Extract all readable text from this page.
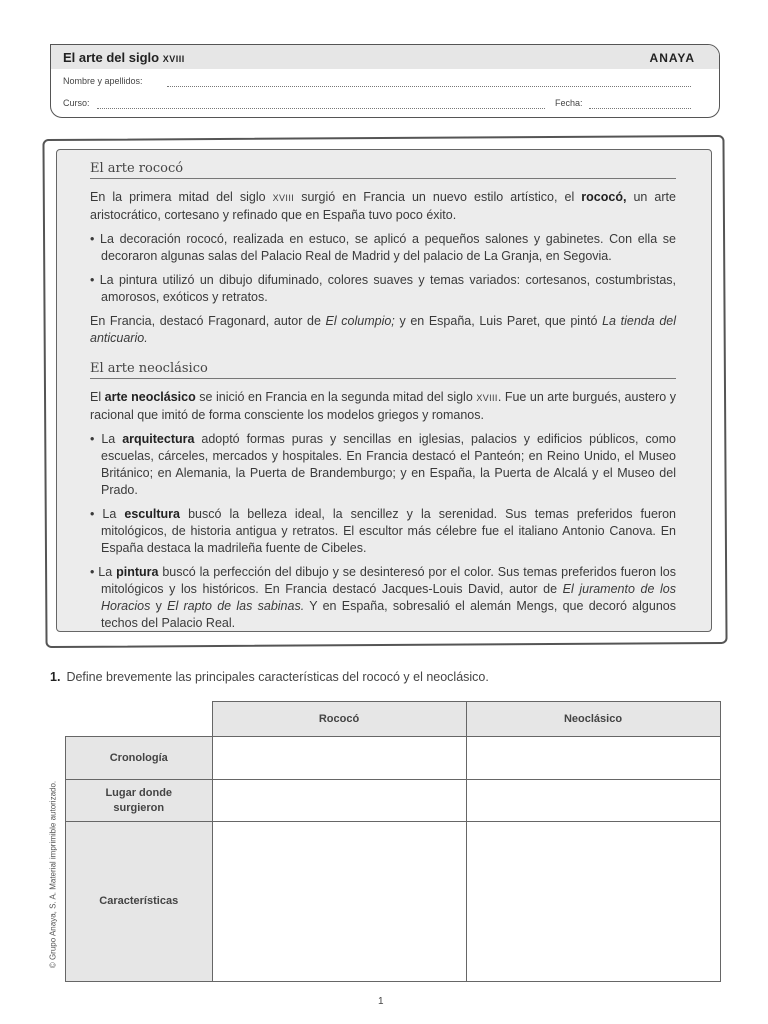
El arte del siglo XVIII	ANAYA
Nombre y apellidos:
Curso:	Fecha:
El arte rococó

En la primera mitad del siglo XVIII surgió en Francia un nuevo estilo artístico, el rococó, un arte aristocrático, cortesano y refinado que en España tuvo poco éxito.

• La decoración rococó, realizada en estuco, se aplicó a pequeños salones y gabinetes. Con ella se decoraron algunas salas del Palacio Real de Madrid y del palacio de La Granja, en Segovia.

• La pintura utilizó un dibujo difuminado, colores suaves y temas variados: cortesanos, costumbristas, amorosos, exóticos y retratos.

En Francia, destacó Fragonard, autor de El columpio; y en España, Luis Paret, que pintó La tienda del anticuario.

El arte neoclásico

El arte neoclásico se inició en Francia en la segunda mitad del siglo XVIII. Fue un arte burgués, austero y racional que imitó de forma consciente los modelos griegos y romanos.

• La arquitectura adoptó formas puras y sencillas en iglesias, palacios y edificios públicos, como escuelas, cárceles, mercados y hospitales. En Francia destacó el Panteón; en Reino Unido, el Museo Británico; en Alemania, la Puerta de Brandemburgo; y en España, la Puerta de Alcalá y el Museo del Prado.

• La escultura buscó la belleza ideal, la sencillez y la serenidad. Sus temas preferidos fueron mitológicos, de historia antigua y retratos. El escultor más célebre fue el italiano Antonio Canova. En España destaca la madrileña fuente de Cibeles.

• La pintura buscó la perfección del dibujo y se desinteresó por el color. Sus temas preferidos fueron los mitológicos y los históricos. En Francia destacó Jacques-Louis David, autor de El juramento de los Horacios y El rapto de las sabinas. Y en España, sobresalió el alemán Mengs, que decoró algunos techos del Palacio Real.

1. Define brevemente las principales características del rococó y el neoclásico.
	Rococó	Neoclásico
Cronología		
Lugar donde surgieron		
Características		
© Grupo Anaya, S. A. Material imprimible autorizado.
1
